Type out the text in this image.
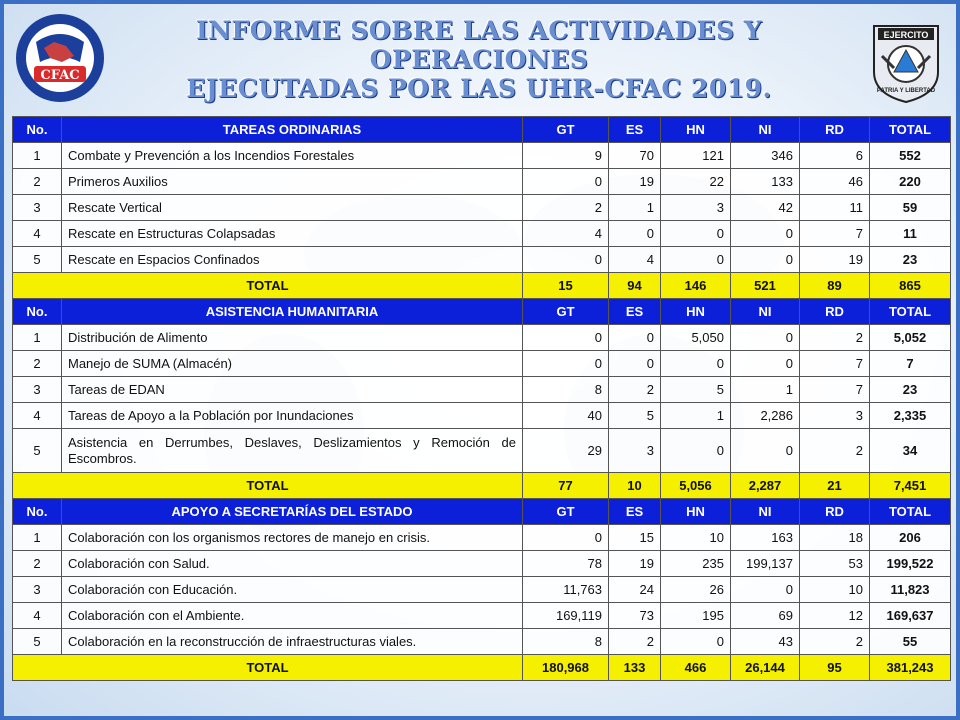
CFAC
INFORME SOBRE LAS ACTIVIDADES Y OPERACIONES
EJECUTADAS POR LAS UHR-CFAC 2019.
EJERCITO
PATRIA Y LIBERTAD
No.	TAREAS ORDINARIAS	GT	ES	HN	NI	RD	TOTAL
1	Combate y Prevención a los Incendios Forestales	9	70	121	346	6	552
2	Primeros Auxilios	0	19	22	133	46	220
3	Rescate Vertical	2	1	3	42	11	59
4	Rescate en Estructuras Colapsadas	4	0	0	0	7	11
5	Rescate en Espacios Confinados	0	4	0	0	19	23
TOTAL		15	94	146	521	89	865
No.	ASISTENCIA HUMANITARIA	GT	ES	HN	NI	RD	TOTAL
1	Distribución de Alimento	0	0	5,050	0	2	5,052
2	Manejo de SUMA (Almacén)	0	0	0	0	7	7
3	Tareas de EDAN	8	2	5	1	7	23
4	Tareas de Apoyo a la Población por Inundaciones	40	5	1	2,286	3	2,335
5	Asistencia en Derrumbes, Deslaves, Deslizamientos y Remoción de Escombros.	29	3	0	0	2	34
TOTAL		77	10	5,056	2,287	21	7,451
No.	APOYO A SECRETARÍAS DEL ESTADO	GT	ES	HN	NI	RD	TOTAL
1	Colaboración con los organismos rectores de manejo en crisis.	0	15	10	163	18	206
2	Colaboración con Salud.	78	19	235	199,137	53	199,522
3	Colaboración con Educación.	11,763	24	26	0	10	11,823
4	Colaboración con el Ambiente.	169,119	73	195	69	12	169,637
5	Colaboración en la reconstrucción de infraestructuras viales.	8	2	0	43	2	55
TOTAL		180,968	133	466	26,144	95	381,243
